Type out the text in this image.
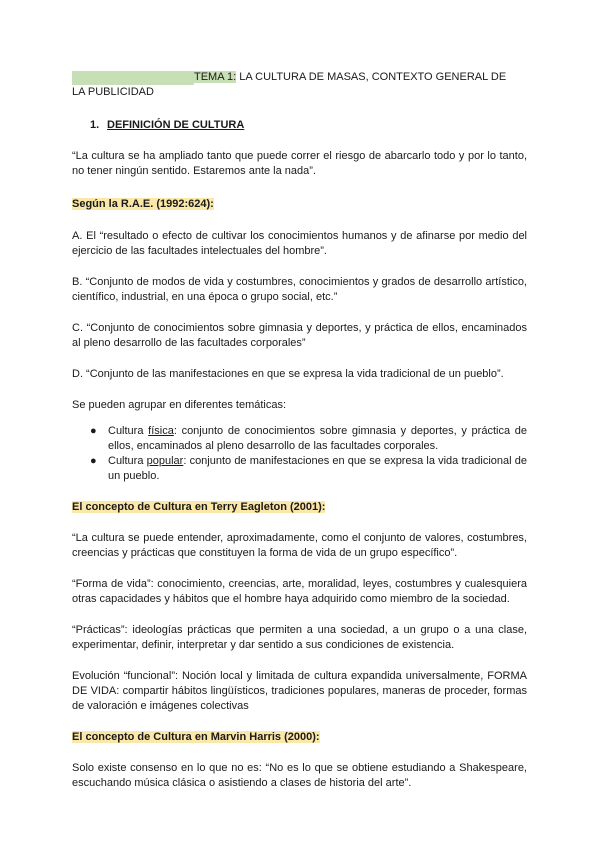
TEMA 1: LA CULTURA DE MASAS, CONTEXTO GENERAL DE
LA PUBLICIDAD
1. DEFINICIÓN DE CULTURA

“La cultura se ha ampliado tanto que puede correr el riesgo de abarcarlo todo y por lo tanto, no tener ningún sentido. Estaremos ante la nada”.

Según la R.A.E. (1992:624):

A. El “resultado o efecto de cultivar los conocimientos humanos y de afinarse por medio del ejercicio de las facultades intelectuales del hombre”.

B. “Conjunto de modos de vida y costumbres, conocimientos y grados de desarrollo artístico, científico, industrial, en una época o grupo social, etc.”

C. “Conjunto de conocimientos sobre gimnasia y deportes, y práctica de ellos, encaminados al pleno desarrollo de las facultades corporales”

D. “Conjunto de las manifestaciones en que se expresa la vida tradicional de un pueblo”.

Se pueden agrupar en diferentes temáticas:

● Cultura física: conjunto de conocimientos sobre gimnasia y deportes, y práctica de ellos, encaminados al pleno desarrollo de las facultades corporales.
● Cultura popular: conjunto de manifestaciones en que se expresa la vida tradicional de un pueblo.

El concepto de Cultura en Terry Eagleton (2001):

“La cultura se puede entender, aproximadamente, como el conjunto de valores, costumbres, creencias y prácticas que constituyen la forma de vida de un grupo específico”.

“Forma de vida”: conocimiento, creencias, arte, moralidad, leyes, costumbres y cualesquiera otras capacidades y hábitos que el hombre haya adquirido como miembro de la sociedad.

“Prácticas”: ideologías prácticas que permiten a una sociedad, a un grupo o a una clase, experimentar, definir, interpretar y dar sentido a sus condiciones de existencia.

Evolución “funcional”: Noción local y limitada de cultura expandida universalmente, FORMA DE VIDA: compartir hábitos lingüísticos, tradiciones populares, maneras de proceder, formas de valoración e imágenes colectivas

El concepto de Cultura en Marvin Harris (2000):

Solo existe consenso en lo que no es: “No es lo que se obtiene estudiando a Shakespeare, escuchando música clásica o asistiendo a clases de historia del arte”.
